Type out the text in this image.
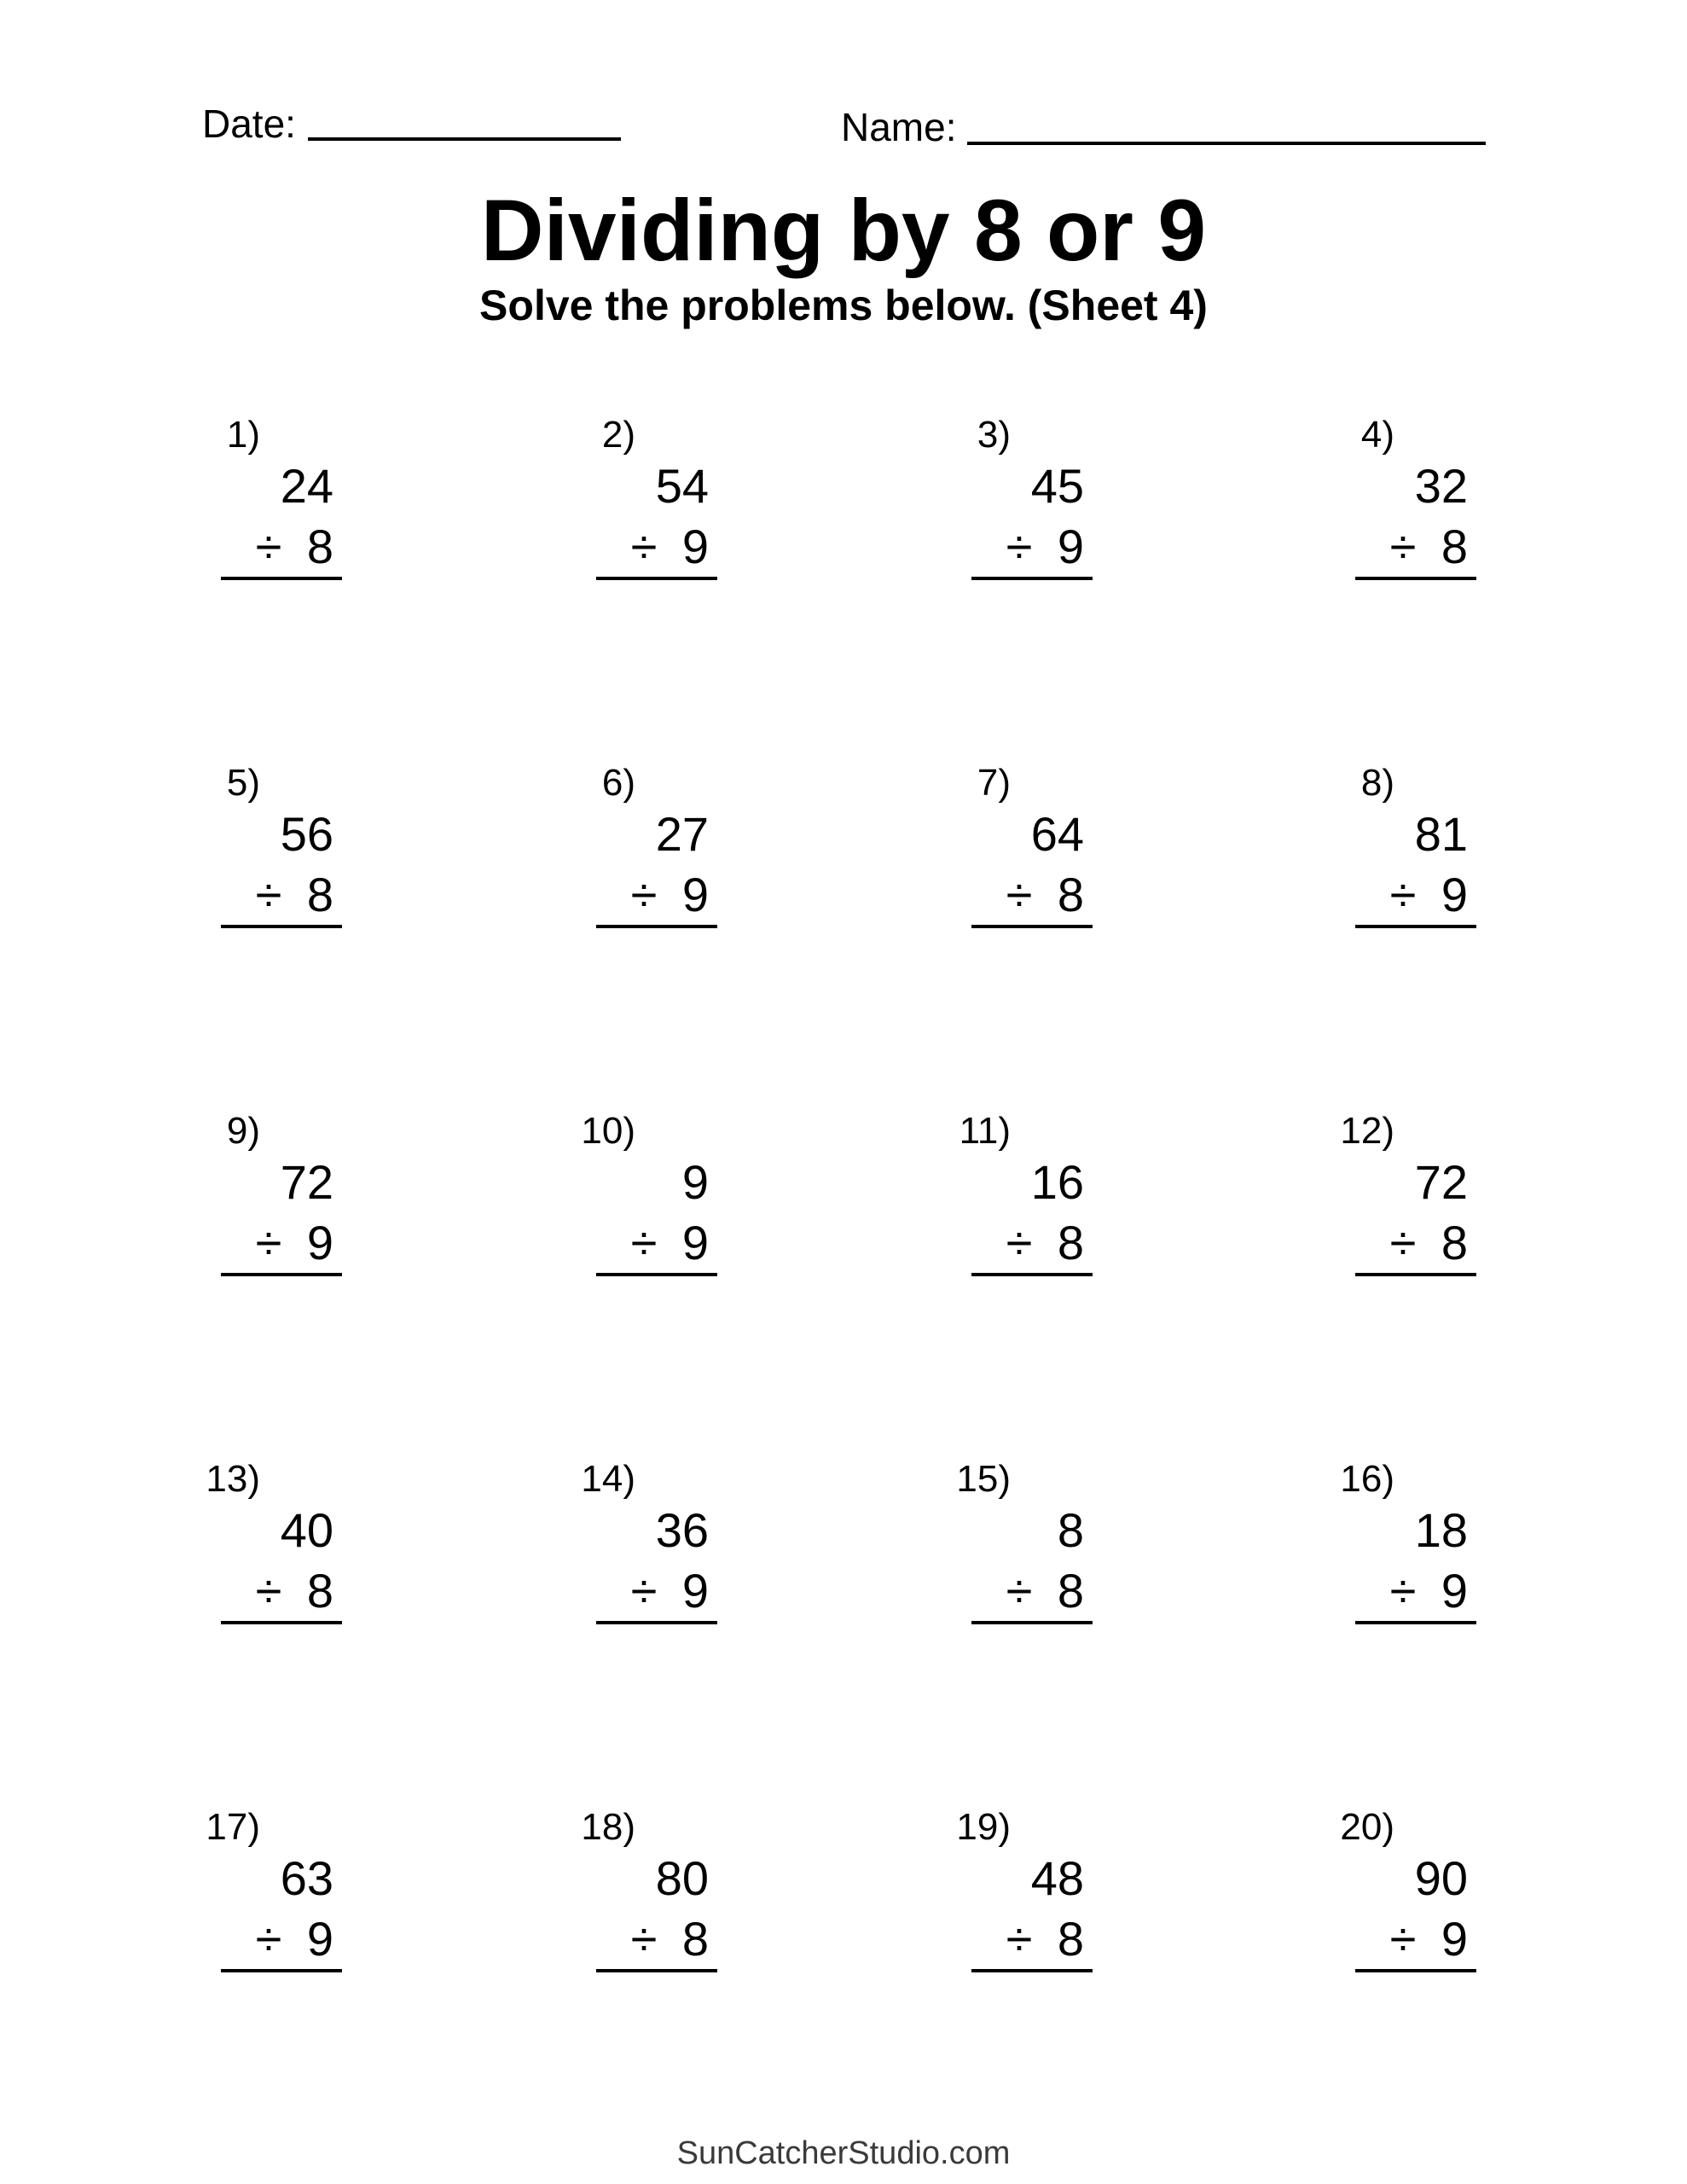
Date:	Name:
Dividing by 8 or 9
Solve the problems below. (Sheet 4)
1)
24
÷ 8
2)
54
÷ 9
3)
45
÷ 9
4)
32
÷ 8
5)
56
÷ 8
6)
27
÷ 9
7)
64
÷ 8
8)
81
÷ 9
9)
72
÷ 9
10)
9
÷ 9
11)
16
÷ 8
12)
72
÷ 8
13)
40
÷ 8
14)
36
÷ 9
15)
8
÷ 8
16)
18
÷ 9
17)
63
÷ 9
18)
80
÷ 8
19)
48
÷ 8
20)
90
÷ 9
SunCatcherStudio.com
